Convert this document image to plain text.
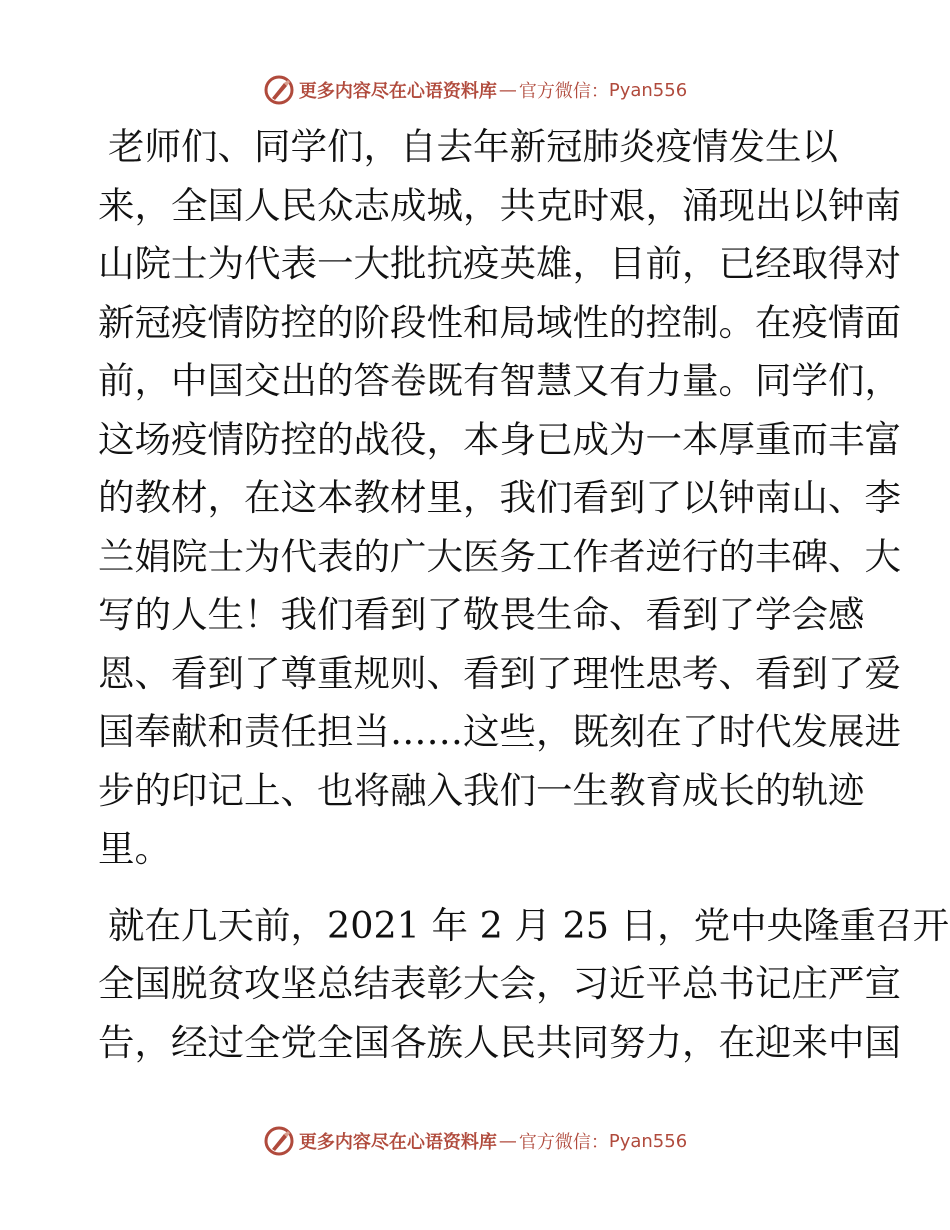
更多内容尽在心语资料库 — 官方微信： Pyan556
老师们、同学们，自去年新冠肺炎疫情发生以
来，全国人民众志成城，共克时艰，涌现出以钟南
山院士为代表一大批抗疫英雄，目前，已经取得对
新冠疫情防控的阶段性和局域性的控制。在疫情面
前，中国交出的答卷既有智慧又有力量。同学们，
这场疫情防控的战役，本身已成为一本厚重而丰富
的教材，在这本教材里，我们看到了以钟南山、李
兰娟院士为代表的广大医务工作者逆行的丰碑、大
写的人生！我们看到了敬畏生命、看到了学会感
恩、看到了尊重规则、看到了理性思考、看到了爱
国奉献和责任担当……这些，既刻在了时代发展进
步的印记上、也将融入我们一生教育成长的轨迹
里。
就在几天前，2021 年 2 月 25 日，党中央隆重召开
全国脱贫攻坚总结表彰大会，习近平总书记庄严宣
告，经过全党全国各族人民共同努力，在迎来中国
更多内容尽在心语资料库 — 官方微信： Pyan556
